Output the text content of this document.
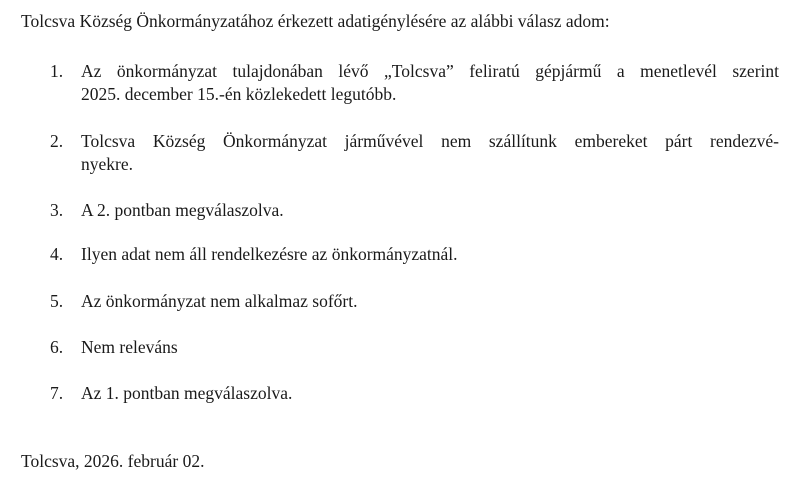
Tolcsva Község Önkormányzatához érkezett adatigénylésére az alábbi válasz adom:

1. Az önkormányzat tulajdonában lévő „Tolcsva” feliratú gépjármű a menetlevél szerint
2025. december 15.-én közlekedett legutóbb.
2. Tolcsva Község Önkormányzat járművével nem szállítunk embereket párt rendezvé-
nyekre.
3. A 2. pontban megválaszolva.
4. Ilyen adat nem áll rendelkezésre az önkormányzatnál.
5. Az önkormányzat nem alkalmaz sofőrt.
6. Nem releváns
7. Az 1. pontban megválaszolva.

Tolcsva, 2026. február 02.
